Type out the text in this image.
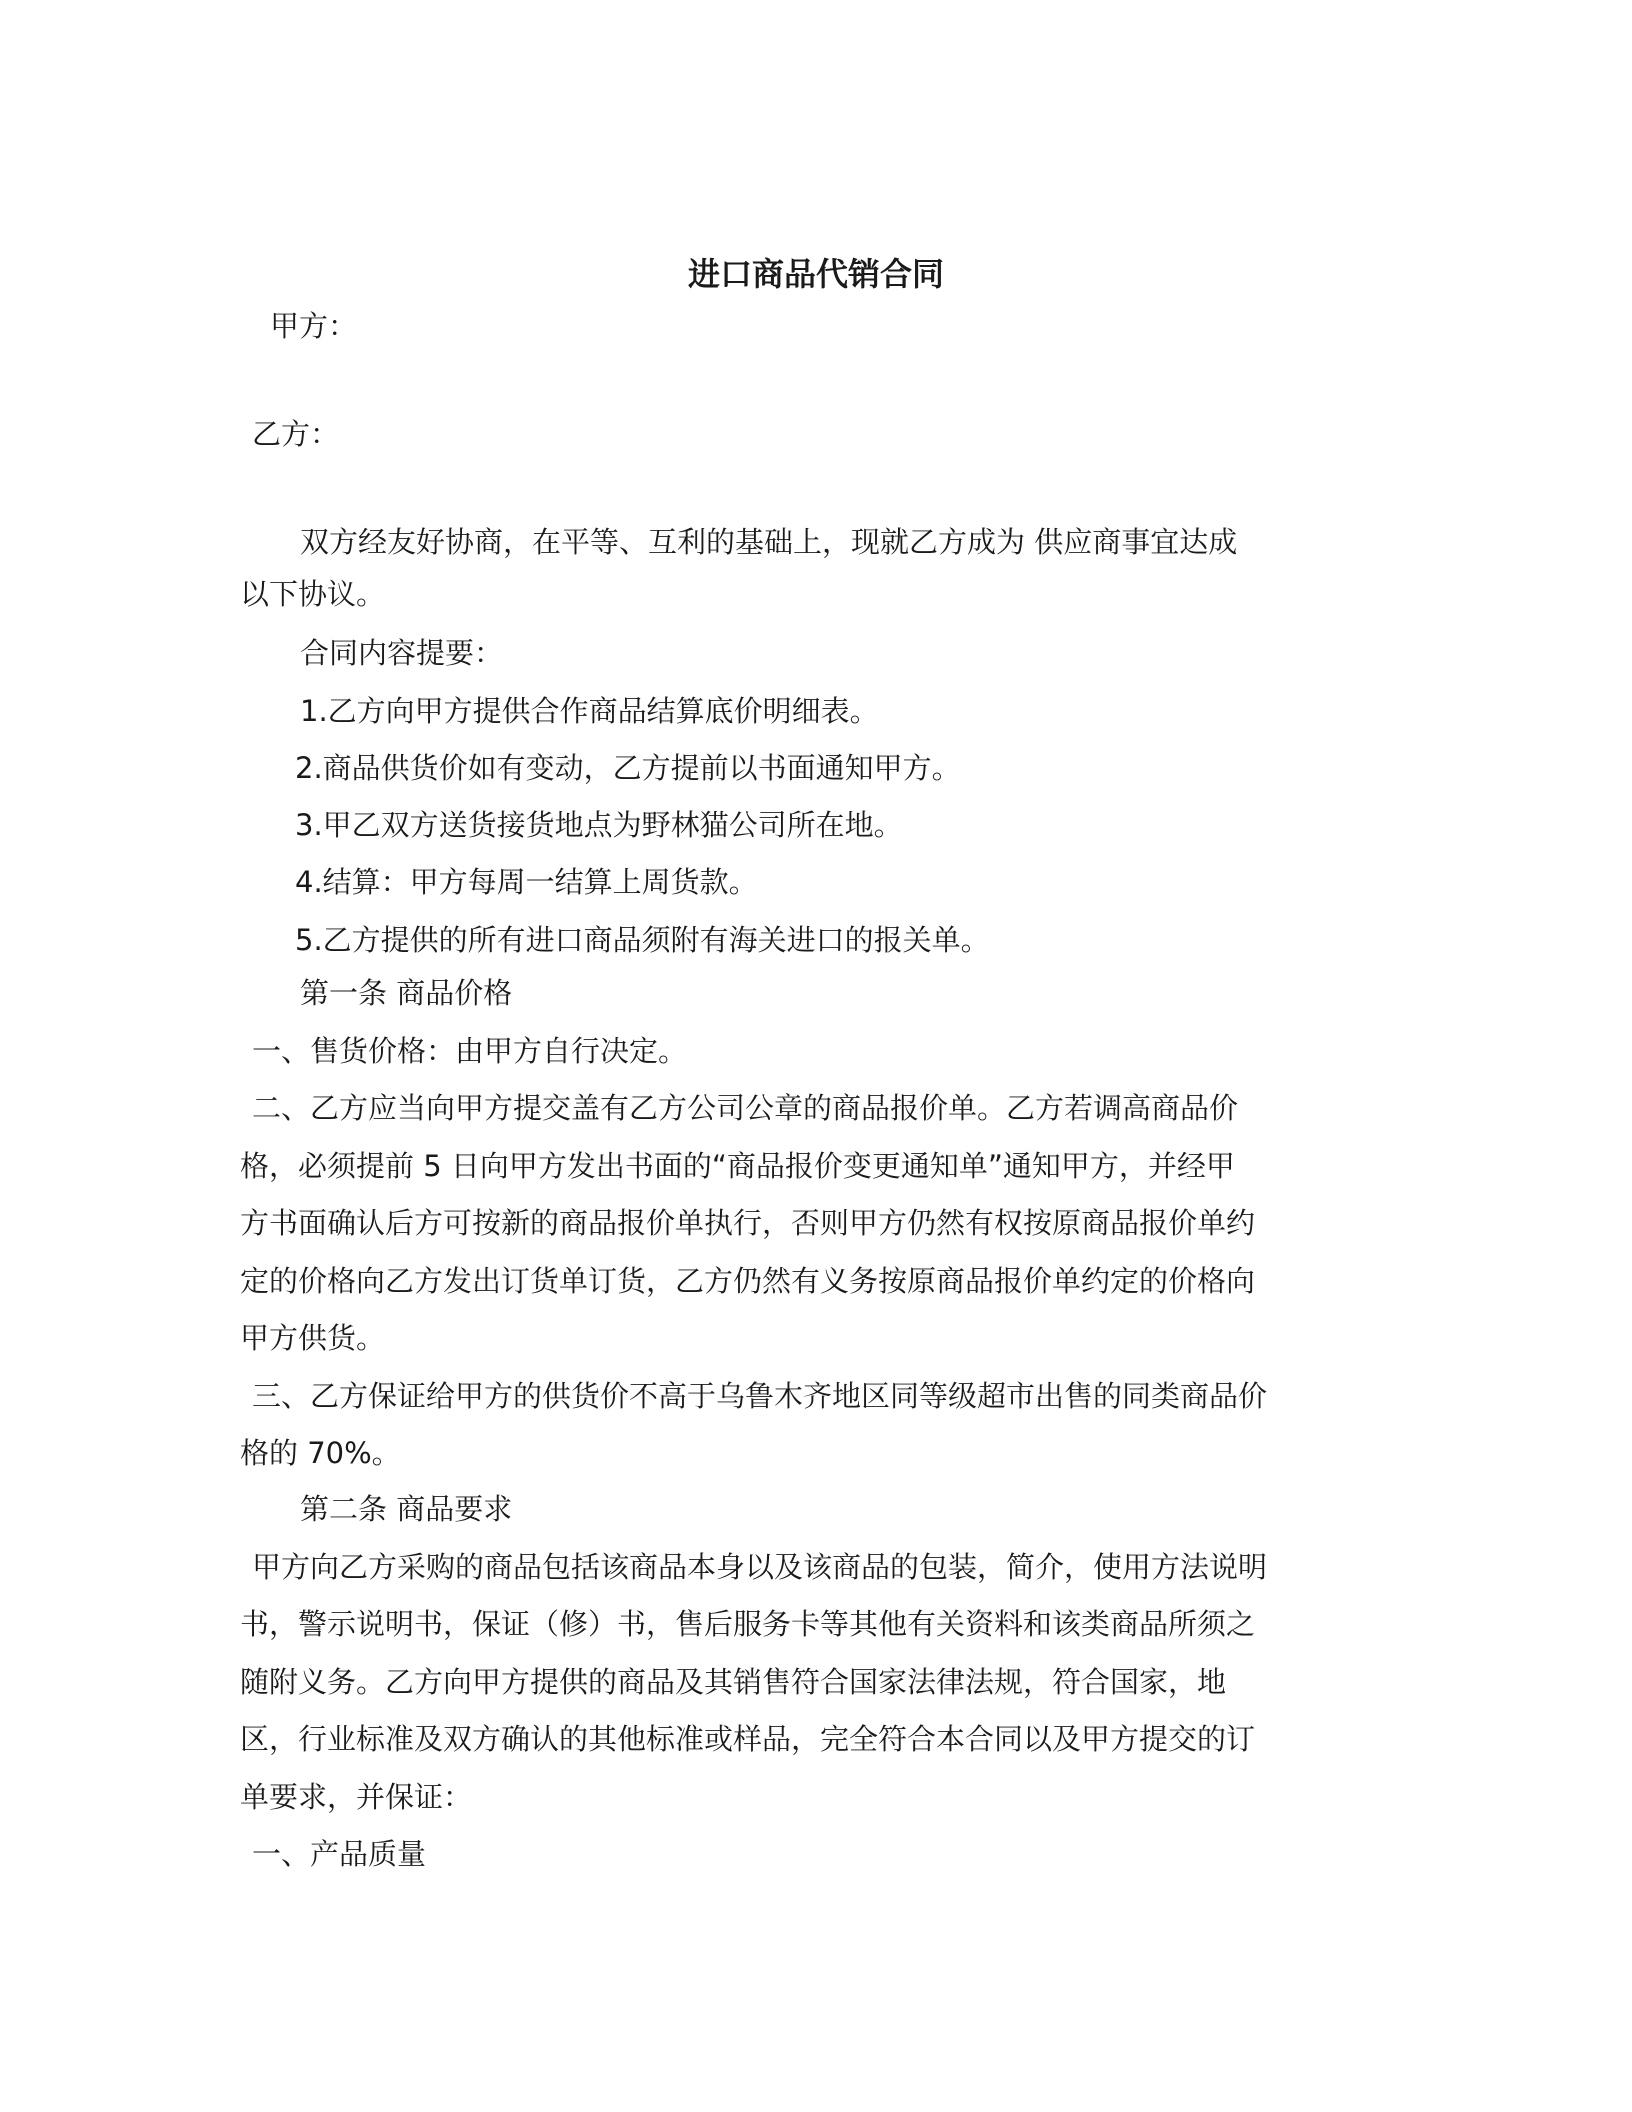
进口商品代销合同

甲方：

乙方：

双方经友好协商，在平等、互利的基础上，现就乙方成为 供应商事宜达成

以下协议。

合同内容提要：

1.乙方向甲方提供合作商品结算底价明细表。

2.商品供货价如有变动，乙方提前以书面通知甲方。

3.甲乙双方送货接货地点为野林猫公司所在地。

4.结算：甲方每周一结算上周货款。

5.乙方提供的所有进口商品须附有海关进口的报关单。

第一条 商品价格

一、售货价格：由甲方自行决定。

二、乙方应当向甲方提交盖有乙方公司公章的商品报价单。乙方若调高商品价

格，必须提前 5 日向甲方发出书面的“商品报价变更通知单”通知甲方，并经甲

方书面确认后方可按新的商品报价单执行，否则甲方仍然有权按原商品报价单约

定的价格向乙方发出订货单订货，乙方仍然有义务按原商品报价单约定的价格向

甲方供货。

三、乙方保证给甲方的供货价不高于乌鲁木齐地区同等级超市出售的同类商品价

格的 70%。

第二条 商品要求

甲方向乙方采购的商品包括该商品本身以及该商品的包装，简介，使用方法说明

书，警示说明书，保证（修）书，售后服务卡等其他有关资料和该类商品所须之

随附义务。乙方向甲方提供的商品及其销售符合国家法律法规，符合国家，地

区，行业标准及双方确认的其他标准或样品，完全符合本合同以及甲方提交的订

单要求，并保证：

一、产品质量
